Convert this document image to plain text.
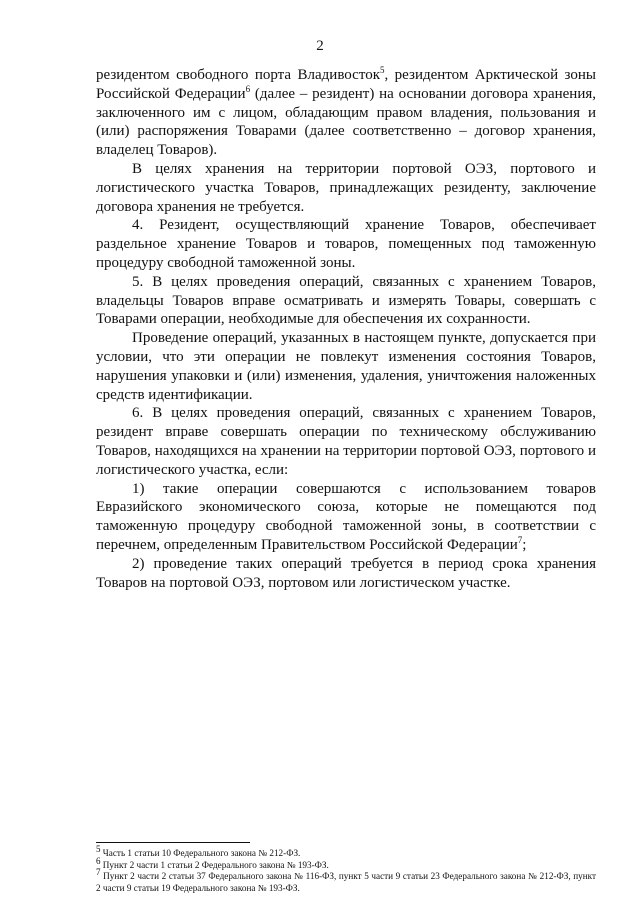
2

резидентом свободного порта Владивосток$^5$, резидентом Арктической зоны Российской Федерации$^6$ (далее – резидент) на основании договора хранения, заключенного им с лицом, обладающим правом владения, пользования и (или) распоряжения Товарами (далее соответственно – договор хранения, владелец Товаров).

В целях хранения на территории портовой ОЭЗ, портового и логистического участка Товаров, принадлежащих резиденту, заключение договора хранения не требуется.

4. Резидент, осуществляющий хранение Товаров, обеспечивает раздельное хранение Товаров и товаров, помещенных под таможенную процедуру свободной таможенной зоны.

5. В целях проведения операций, связанных с хранением Товаров, владельцы Товаров вправе осматривать и измерять Товары, совершать с Товарами операции, необходимые для обеспечения их сохранности.

Проведение операций, указанных в настоящем пункте, допускается при условии, что эти операции не повлекут изменения состояния Товаров, нарушения упаковки и (или) изменения, удаления, уничтожения наложенных средств идентификации.

6. В целях проведения операций, связанных с хранением Товаров, резидент вправе совершать операции по техническому обслуживанию Товаров, находящихся на хранении на территории портовой ОЭЗ, портового и логистического участка, если:

1) такие операции совершаются с использованием товаров Евразийского экономического союза, которые не помещаются под таможенную процедуру свободной таможенной зоны, в соответствии с перечнем, определенным Правительством Российской Федерации$^7$;

2) проведение таких операций требуется в период срока хранения Товаров на портовой ОЭЗ, портовом или логистическом участке.

$^5$ Часть 1 статьи 10 Федерального закона № 212-ФЗ.

$^6$ Пункт 2 части 1 статьи 2 Федерального закона № 193-ФЗ.

$^7$ Пункт 2 части 2 статьи 37 Федерального закона № 116-ФЗ, пункт 5 части 9 статьи 23 Федерального закона № 212-ФЗ, пункт 2 части 9 статьи 19 Федерального закона № 193-ФЗ.
